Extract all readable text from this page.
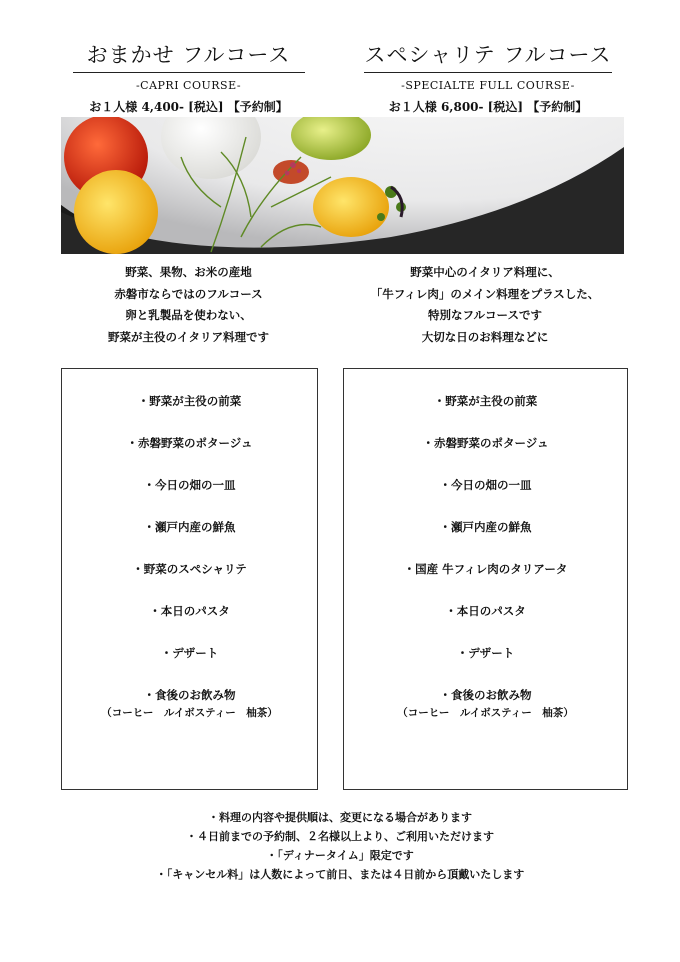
おまかせ フルコース
-CAPRI COURSE-
お１人様 4,400- [税込] 【予約制】
スペシャリテ フルコース
-SPECIALTE FULL COURSE-
お１人様 6,800- [税込] 【予約制】
野菜、果物、お米の産地
赤磐市ならではのフルコース
卵と乳製品を使わない、
野菜が主役のイタリア料理です
野菜中心のイタリア料理に、
「牛フィレ肉」のメイン料理をプラスした、
特別なフルコースです
大切な日のお料理などに
・野菜が主役の前菜
・赤磐野菜のポタージュ
・今日の畑の一皿
・瀬戸内産の鮮魚
・野菜のスペシャリテ
・本日のパスタ
・デザート
・食後のお飲み物
（コーヒー　ルイボスティー　柚茶）
・野菜が主役の前菜
・赤磐野菜のポタージュ
・今日の畑の一皿
・瀬戸内産の鮮魚
・国産 牛フィレ肉のタリアータ
・本日のパスタ
・デザート
・食後のお飲み物
（コーヒー　ルイボスティー　柚茶）
・料理の内容や提供順は、変更になる場合があります
・４日前までの予約制、２名様以上より、ご利用いただけます
・「ディナータイム」限定です
・「キャンセル料」は人数によって前日、または４日前から頂戴いたします
